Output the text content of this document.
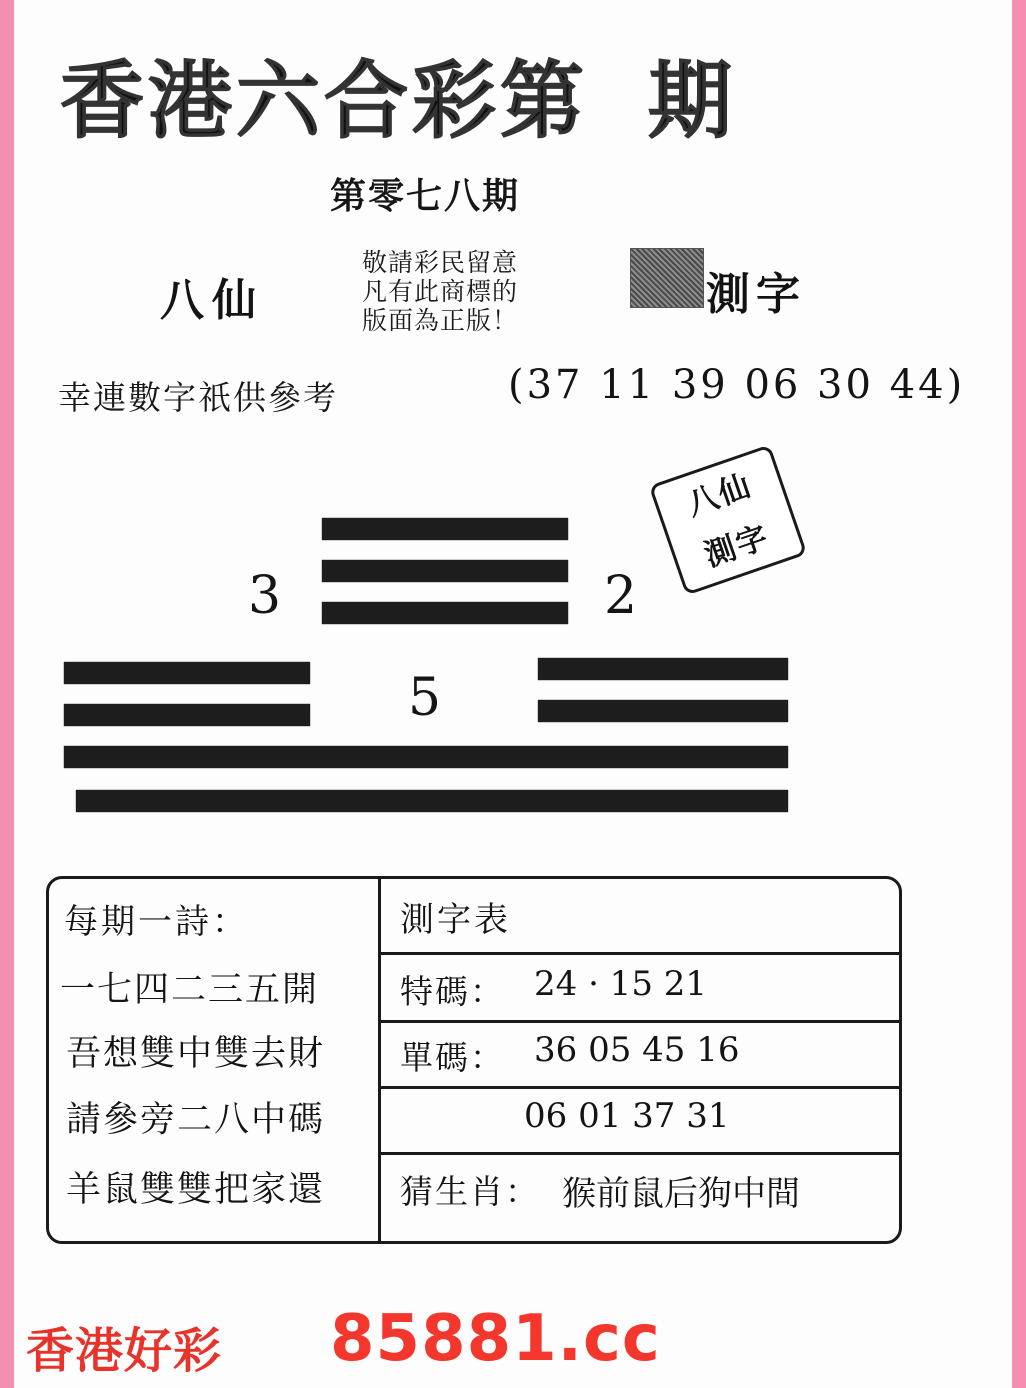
香港六合彩第 期
第零七八期
八仙
敬請彩民留意
凡有此商標的
版面為正版！
測字
幸連數字祇供參考	(37 11 39 06 30 44)
3	2
5
八仙
測字
每期一詩：
一七四二三五開
吾想雙中雙去財
請參旁二八中碼
羊鼠雙雙把家還
測字表
特碼： 24 · 15 21
單碼： 36 05 45 16
06 01 37 31
猜生肖： 猴前鼠后狗中間
香港好彩 85881.cc
